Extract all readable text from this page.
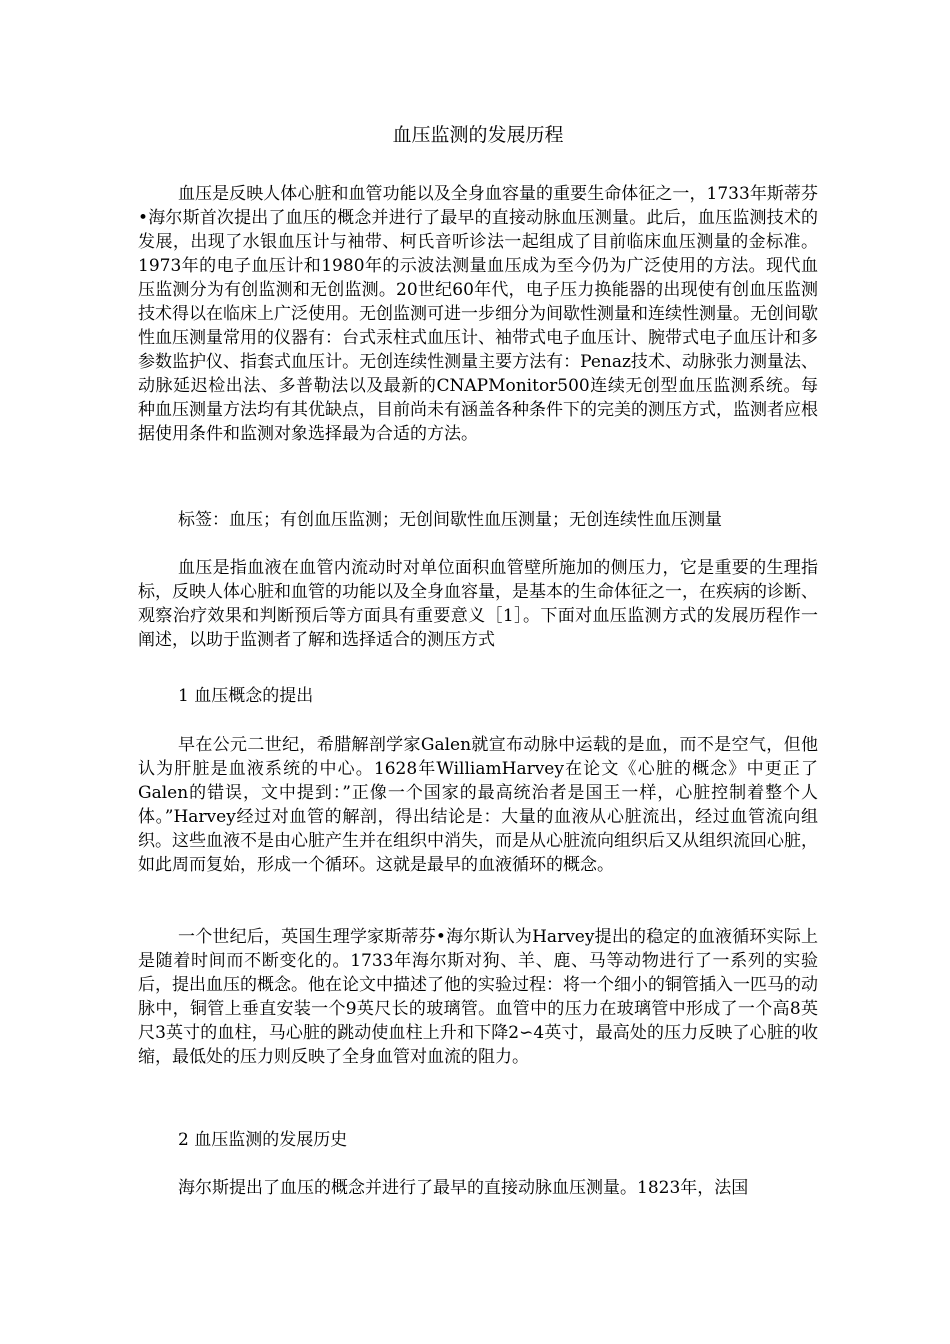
血压监测的发展历程

血压是反映人体心脏和血管功能以及全身血容量的重要生命体征之一，1733年斯蒂芬•海尔斯首次提出了血压的概念并进行了最早的直接动脉血压测量。此后，血压监测技术的发展，出现了水银血压计与袖带、柯氏音听诊法一起组成了目前临床血压测量的金标准。1973年的电子血压计和1980年的示波法测量血压成为至今仍为广泛使用的方法。现代血压监测分为有创监测和无创监测。20世纪60年代，电子压力换能器的出现使有创血压监测技术得以在临床上广泛使用。无创监测可进一步细分为间歇性测量和连续性测量。无创间歇性血压测量常用的仪器有：台式汞柱式血压计、袖带式电子血压计、腕带式电子血压计和多参数监护仪、指套式血压计。无创连续性测量主要方法有：Penaz技术、动脉张力测量法、动脉延迟检出法、多普勒法以及最新的CNAPMonitor500连续无创型血压监测系统。每种血压测量方法均有其优缺点，目前尚未有涵盖各种条件下的完美的测压方式，监测者应根据使用条件和监测对象选择最为合适的方法。

标签：血压；有创血压监测；无创间歇性血压测量；无创连续性血压测量

血压是指血液在血管内流动时对单位面积血管壁所施加的侧压力，它是重要的生理指标，反映人体心脏和血管的功能以及全身血容量，是基本的生命体征之一，在疾病的诊断、观察治疗效果和判断预后等方面具有重要意义［1］。下面对血压监测方式的发展历程作一阐述，以助于监测者了解和选择适合的测压方式

1 血压概念的提出

早在公元二世纪，希腊解剖学家Galen就宣布动脉中运载的是血，而不是空气，但他认为肝脏是血液系统的中心。1628年WilliamHarvey在论文《心脏的概念》中更正了Galen的错误，文中提到：”正像一个国家的最高统治者是国王一样，心脏控制着整个人体。”Harvey经过对血管的解剖，得出结论是：大量的血液从心脏流出，经过血管流向组织。这些血液不是由心脏产生并在组织中消失，而是从心脏流向组织后又从组织流回心脏，如此周而复始，形成一个循环。这就是最早的血液循环的概念。

一个世纪后，英国生理学家斯蒂芬•海尔斯认为Harvey提出的稳定的血液循环实际上是随着时间而不断变化的。1733年海尔斯对狗、羊、鹿、马等动物进行了一系列的实验后，提出血压的概念。他在论文中描述了他的实验过程：将一个细小的铜管插入一匹马的动脉中，铜管上垂直安装一个9英尺长的玻璃管。血管中的压力在玻璃管中形成了一个高8英尺3英寸的血柱，马心脏的跳动使血柱上升和下降2∽4英寸，最高处的压力反映了心脏的收缩，最低处的压力则反映了全身血管对血流的阻力。

2 血压监测的发展历史

海尔斯提出了血压的概念并进行了最早的直接动脉血压测量。1823年，法国
